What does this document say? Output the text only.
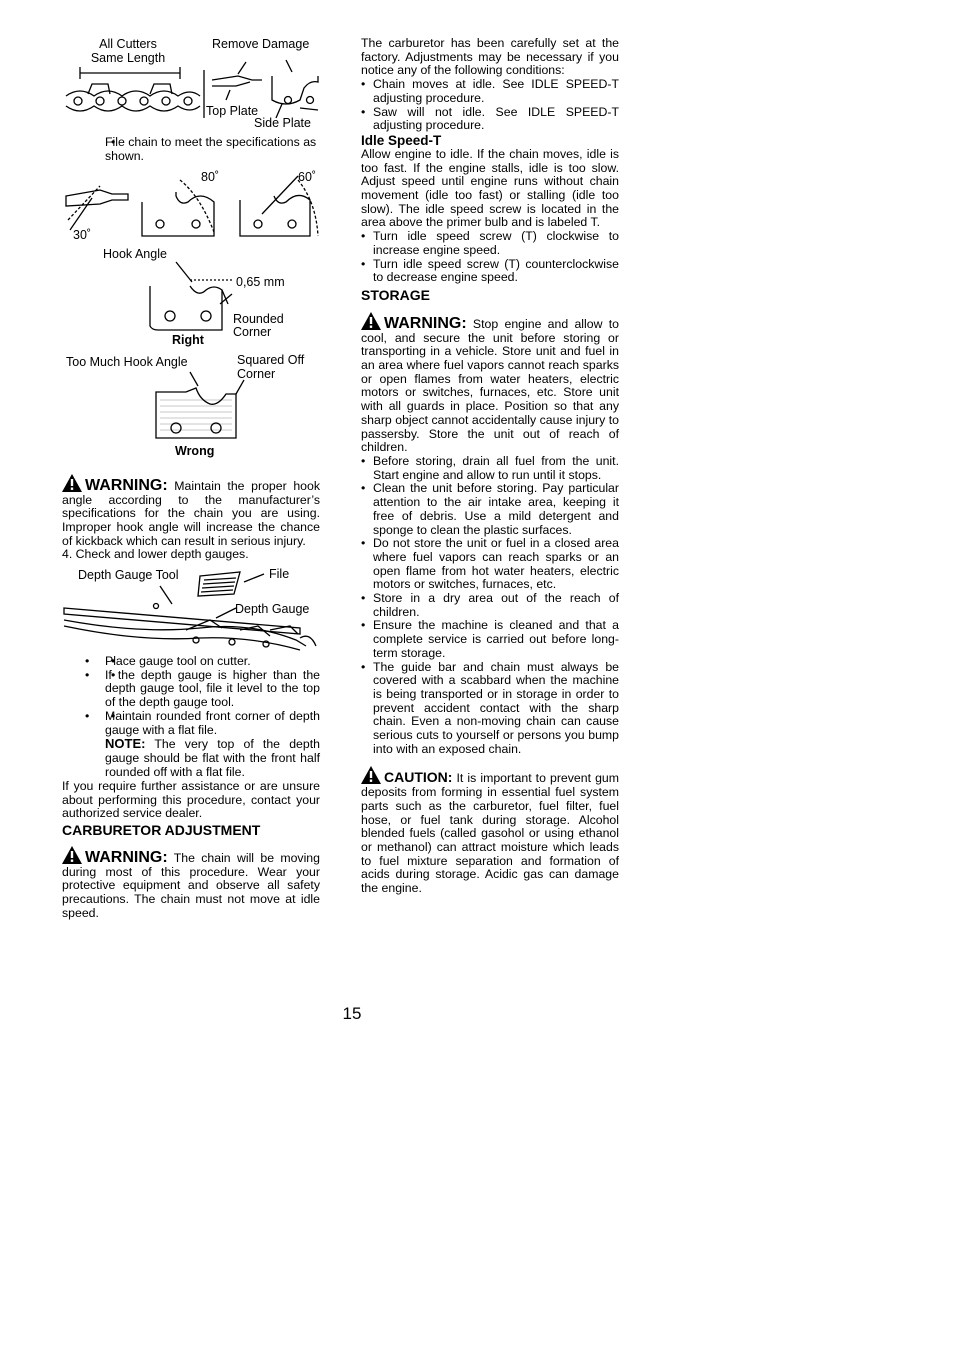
All Cutters
Same Length
Remove Damage
Top Plate
Side Plate
• File chain to meet the specifications as shown.
80˚	60˚
30˚
Hook Angle
0,65 mm
Rounded
Corner
Right
Too Much Hook Angle	Squared Off
Corner
Wrong

WARNING: Maintain the proper hook angle according to the manufacturer’s specifications for the chain you are using. Improper hook angle will increase the chance of kickback which can result in serious injury.

4. Check and lower depth gauges.
Depth Gauge Tool	File
Depth Gauge

• • Place gauge tool on cutter.

• • If the depth gauge is higher than the depth gauge tool, file it level to the top of the depth gauge tool.

• • Maintain rounded front corner of depth gauge with a flat file.

NOTE: The very top of the depth gauge should be flat with the front half rounded off with a flat file.

If you require further assistance or are unsure about performing this procedure, contact your authorized service dealer.
CARBURETOR ADJUSTMENT

WARNING: The chain will be moving during most of this procedure. Wear your protective equipment and observe all safety precautions. The chain must not move at idle speed.

The carburetor has been carefully set at the factory. Adjustments may be necessary if you notice any of the following conditions:

• Chain moves at idle. See IDLE SPEED-T adjusting procedure.

• Saw will not idle. See IDLE SPEED-T adjusting procedure.

Idle Speed-T

Allow engine to idle. If the chain moves, idle is too fast. If the engine stalls, idle is too slow. Adjust speed until engine runs without chain movement (idle too fast) or stalling (idle too slow). The idle speed screw is located in the area above the primer bulb and is labeled T.

• Turn idle speed screw (T) clockwise to increase engine speed.

• Turn idle speed screw (T) counterclockwise to decrease engine speed.

STORAGE

WARNING: Stop engine and allow to cool, and secure the unit before storing or transporting in a vehicle. Store unit and fuel in an area where fuel vapors cannot reach sparks or open flames from water heaters, electric motors or switches, furnaces, etc. Store unit with all guards in place. Position so that any sharp object cannot accidentally cause injury to passersby. Store the unit out of reach of children.

• Before storing, drain all fuel from the unit. Start engine and allow to run until it stops.

• Clean the unit before storing. Pay particular attention to the air intake area, keeping it free of debris. Use a mild detergent and sponge to clean the plastic surfaces.

• Do not store the unit or fuel in a closed area where fuel vapors can reach sparks or an open flame from hot water heaters, electric motors or switches, furnaces, etc.

• Store in a dry area out of the reach of children.

• Ensure the machine is cleaned and that a complete service is carried out before long-term storage.

• The guide bar and chain must always be covered with a scabbard when the machine is being transported or in storage in order to prevent accident contact with the sharp chain. Even a non-moving chain can cause serious cuts to yourself or persons you bump into with an exposed chain.

CAUTION: It is important to prevent gum deposits from forming in essential fuel system parts such as the carburetor, fuel filter, fuel hose, or fuel tank during storage. Alcohol blended fuels (called gasohol or using ethanol or methanol) can attract moisture which leads to fuel mixture separation and formation of acids during storage. Acidic gas can damage the engine.

15
